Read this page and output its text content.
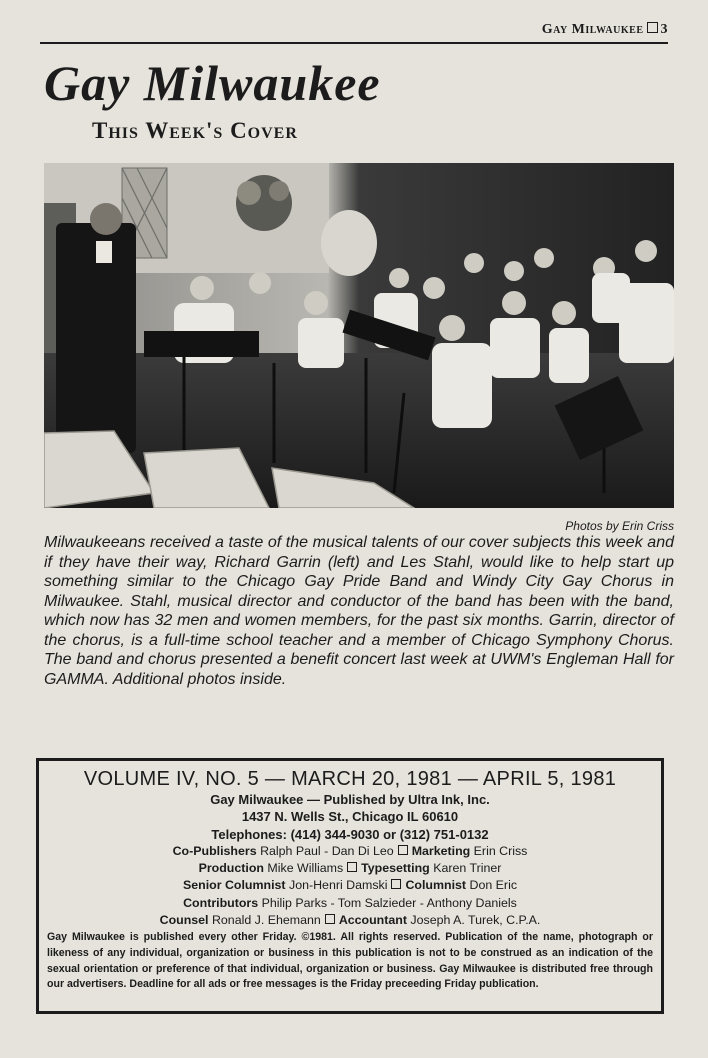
Gay Milwaukee 3
Gay Milwaukee
This Week's Cover
Photos by Erin Criss
Milwaukeeans received a taste of the musical talents of our cover subjects this week and if they have their way, Richard Garrin (left) and Les Stahl, would like to help start up something similar to the Chicago Gay Pride Band and Windy City Gay Chorus in Milwaukee. Stahl, musical director and conductor of the band has been with the band, which now has 32 men and women members, for the past six months. Garrin, director of the chorus, is a full-time school teacher and a member of Chicago Symphony Chorus. The band and chorus presented a benefit concert last week at UWM's Engleman Hall for GAMMA. Additional photos inside.
VOLUME IV, NO. 5 — MARCH 20, 1981 — APRIL 5, 1981
Gay Milwaukee — Published by Ultra Ink, Inc.
1437 N. Wells St., Chicago IL 60610
Telephones: (414) 344-9030 or (312) 751-0132
Co-Publishers Ralph Paul - Dan Di Leo Marketing Erin Criss
Production Mike Williams Typesetting Karen Triner
Senior Columnist Jon-Henri Damski Columnist Don Eric
Contributors Philip Parks - Tom Salzieder - Anthony Daniels
Counsel Ronald J. Ehemann Accountant Joseph A. Turek, C.P.A.
Gay Milwaukee is published every other Friday. ©1981. All rights reserved. Publication of the name, photograph or likeness of any individual, organization or business in this publication is not to be construed as an indication of the sexual orientation or preference of that individual, organization or business. Gay Milwaukee is distributed free through our advertisers. Deadline for all ads or free messages is the Friday preceeding Friday publication.
